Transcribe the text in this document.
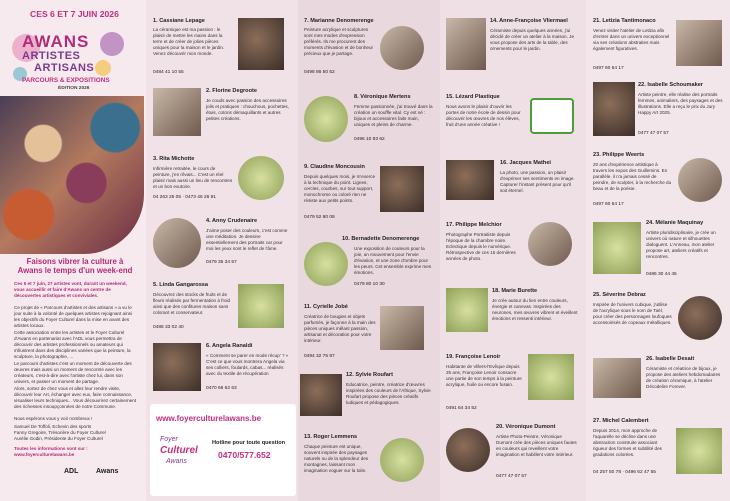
CES 6 ET 7 JUIN 2026
AWANS
ARTISTES
ARTISANS
PARCOURS & EXPOSITIONS
ÉDITION 2026
Faisons vibrer la culture à Awans le temps d'un week-end
Ces 6 et 7 juin, 27 artistes vont, durant un weekend, vous accueillir et faire d'Awans un centre de découvertes artistiques et conviviales.
Ce projet de « Parcours d'artistes et des artisans » a vu le jour suite à la volonté de quelques artistes rejoignant ainsi les objectifs du Foyer Culturel dans la mise en avant des artistes locaux.
Cette association entre les artistes et le Foyer Culturel d'Awans en partenariat avec l'ADL vous permettra de découvrir des artistes professionnels ou amateurs qui s'illustrent dans des disciplines variées que la peinture, la sculpture, la photographie, ...
Le parcours d'artistes c'est un moment de découverte des œuvres mais aussi un moment de rencontre avec les créateurs, c'est-à-dire avec l'artiste chez lui, dans son univers, et passer un moment de partage.
Alors, sortez de chez vous et allez leur rendre visite, découvrir leur Art, échanger avec eux, faire connaissance, visualiser leurs techniques... Vous découvrirez certainement des richesses insoupçonnées de notre Commune.
Nous espérons vous y voir nombreux !
Samuel De Toffoli, Echevin des sports
Fanny Gregoire, Trésorière du Foyer Culturel
Aurélie Godin, Présidente du Foyer Culturel
Toutes les informations sont sur : www.foyerculturelawans.be
ADL	Awans
1. Cassiane Lepage
La céramique est ma passion : le plaisir de mettre les mains dans la terre et de créer de jolies pièces uniques pour la maison et le jardin. Venez découvrir mon monde.
0484 41 10 55
2. Florine Degroote
Je couds avec passion des accessoires jolis et pratiques : chouchous, pochettes, étuis, cotons démaquillants et autres petites créations.
3. Rita Michotte
Infirmière retraitée, le cours de peinture, j'en rêvais... C'est un réel plaisir mais aussi un lieu de rencontres et un bon exutoire.
04 263 25 05 · 0473 46 26 91
4. Anny Crudenaire
J'aime poser des couleurs, c'est comme une méditation. Je dessine essentiellement des portraits car pour moi les yeux sont le reflet de l'âme.
0479 35 34 57
5. Linda Gangarossa
Découvrez des stocks de fruits et de fleurs réalisés par fermentation à froid ainsi que des confitures maison sans colorant et conservateur.
0486 33 02 40
6. Angela Ranaldi
« Comment se parer en mode récup' ? » C'est ce que vous montrera Angela via ses colliers, foulards, cabas... réalisés avec du textile de récupération
0470 66 62 63
www.foyerculturelawans.be
Foyer
Culturel
Awans
Hotline pour toute question
0470/577.652
7. Marianne Denomerenge
Peinture acrylique et sculptures sont mes modes d'expression préférés. Ils me procurent des moments d'évasion et de bonheur précieux que je partage.
0498 86 50 52
8. Véronique Mertens
Femme passionnée, j'ai trouvé dans la création un souffle vital. Cy est né : bijoux et accessoires faits main, uniques et pleins de charme.
0496 10 93 62
9. Claudine Moncousin
Depuis quelques mois, je m'exerce à la technique du point. Lignes, cercles, courbes, sur tout support, monochrome ou coloré rien ne résiste aux petits points.
0479 52 80 08
10. Bernadette Denomerenge
Une exposition de couleurs pour la joie, un mouvement pour l'envie d'évasion, et une zone d'ombre pour les peurs. Cet ensemble exprime mes émotions.
0479 80 10 30
11. Cyrielle Jobé
Créatrice de bougies et objets parfumés, je façonne à la main des pièces uniques mêlant passion, artisanat et décoration pour votre intérieur.
0494 32 75 97
12. Sylvie Roufart
Educatrice, peintre, créatrice d'œuvres inspirées des couleurs de l'Afrique, Sylvie Roufart propose des pièces créatifs ludiques et pédagogiques.
13. Roger Lemmens
Chaque peinture est unique, souvent inspirée des paysages naturels ou de la splendeur des montagnes, laissant mon imagination voguer sur la toile.
14. Anne-Françoise Vliermael
Céramiste depuis quelques années, j'ai décidé de créer un atelier à la maison. Je vous propose des arts de la table, des ornements pour le jardin.
15. Lézard Plastique
Nous avons le plaisir d'ouvrir les portes de notre école de dessin pour découvrir les œuvres de nos élèves, fruit d'une année créative !
16. Jacques Mathei
La photo, une passion, un plaisir d'exprimer ses sentiments en image. Capturer l'instant présent pour qu'il soit éternel.
17. Philippe Melchior
Photographe Portraitiste depuis l'époque de la chambre noire. Eclectique depuis le numérique. Rétrospective de ces 15 dernières années de photo.
18. Marie Burette
Je crée autour du lien entre couleurs, énergie et canevas. Inspirées des neurones, mes œuvres vibrent et éveillent émotions et ressenti intérieur.
19. Françoise Lenoir
Habitante de Villers-l'Evêque depuis 25 ans, Françoise Lenoir consacre une partie de son temps à la peinture acrylique, huile ou encore fusain.
0491 64 34 52
20. Véronique Dumont
Artiste Photo-Peintre, Véronique Dumont crée des pièces uniques fautes en couleurs qui reveillent votre imagination et habillent votre intérieur.
0477 47 07 57
21. Letizia Tantimonaco
Venez visiter l'atelier de Letizia afin d'entrer dans un univers exceptionnel via ses créations abstraites mais également figuratives.
0497 60 64 17
22. Isabelle Schoumaker
Artiste peintre, elle réalise des portraits femmes, animaliers, des paysages et des illustrations. Elle a reçu le prix du Jury Happy Art 2025.
0477 47 07 57
23. Philippe Weerts
20 ans d'expérience artistique à travers les expos des Guillemins. En parallèle, il n'a jamais cessé de peindre, de sculpter, à la recherche du beau et de la poésie.
0497 60 64 17
24. Mélanie Maquinay
Artiste pluridisciplinaire, je crée un univers où nature et silhouettes dialoguent. L'Anneau, mon atelier propose art, ateliers créatifs et rencontres.
0486 30 44 45
25. Séverine Debraz
Inspirée de l'univers cubique, j'utilise de l'acrylique sous le nom de Taël, pour créer des personnages loufoques accessoirisés de copeaux métalliques.
26. Isabelle Desait
Céramiste et créatrice de bijoux, je propose des ateliers hebdomadaires de création céramique, à l'atelier Décodelire Forever.
27. Michel Calembert
Depuis 2014, mon approche de l'aquarelle se décline dans une abstraction construite associant rigueur des formes et subtilité des gradations colorées.
04 257 50 78 · 0496 62 47 55
